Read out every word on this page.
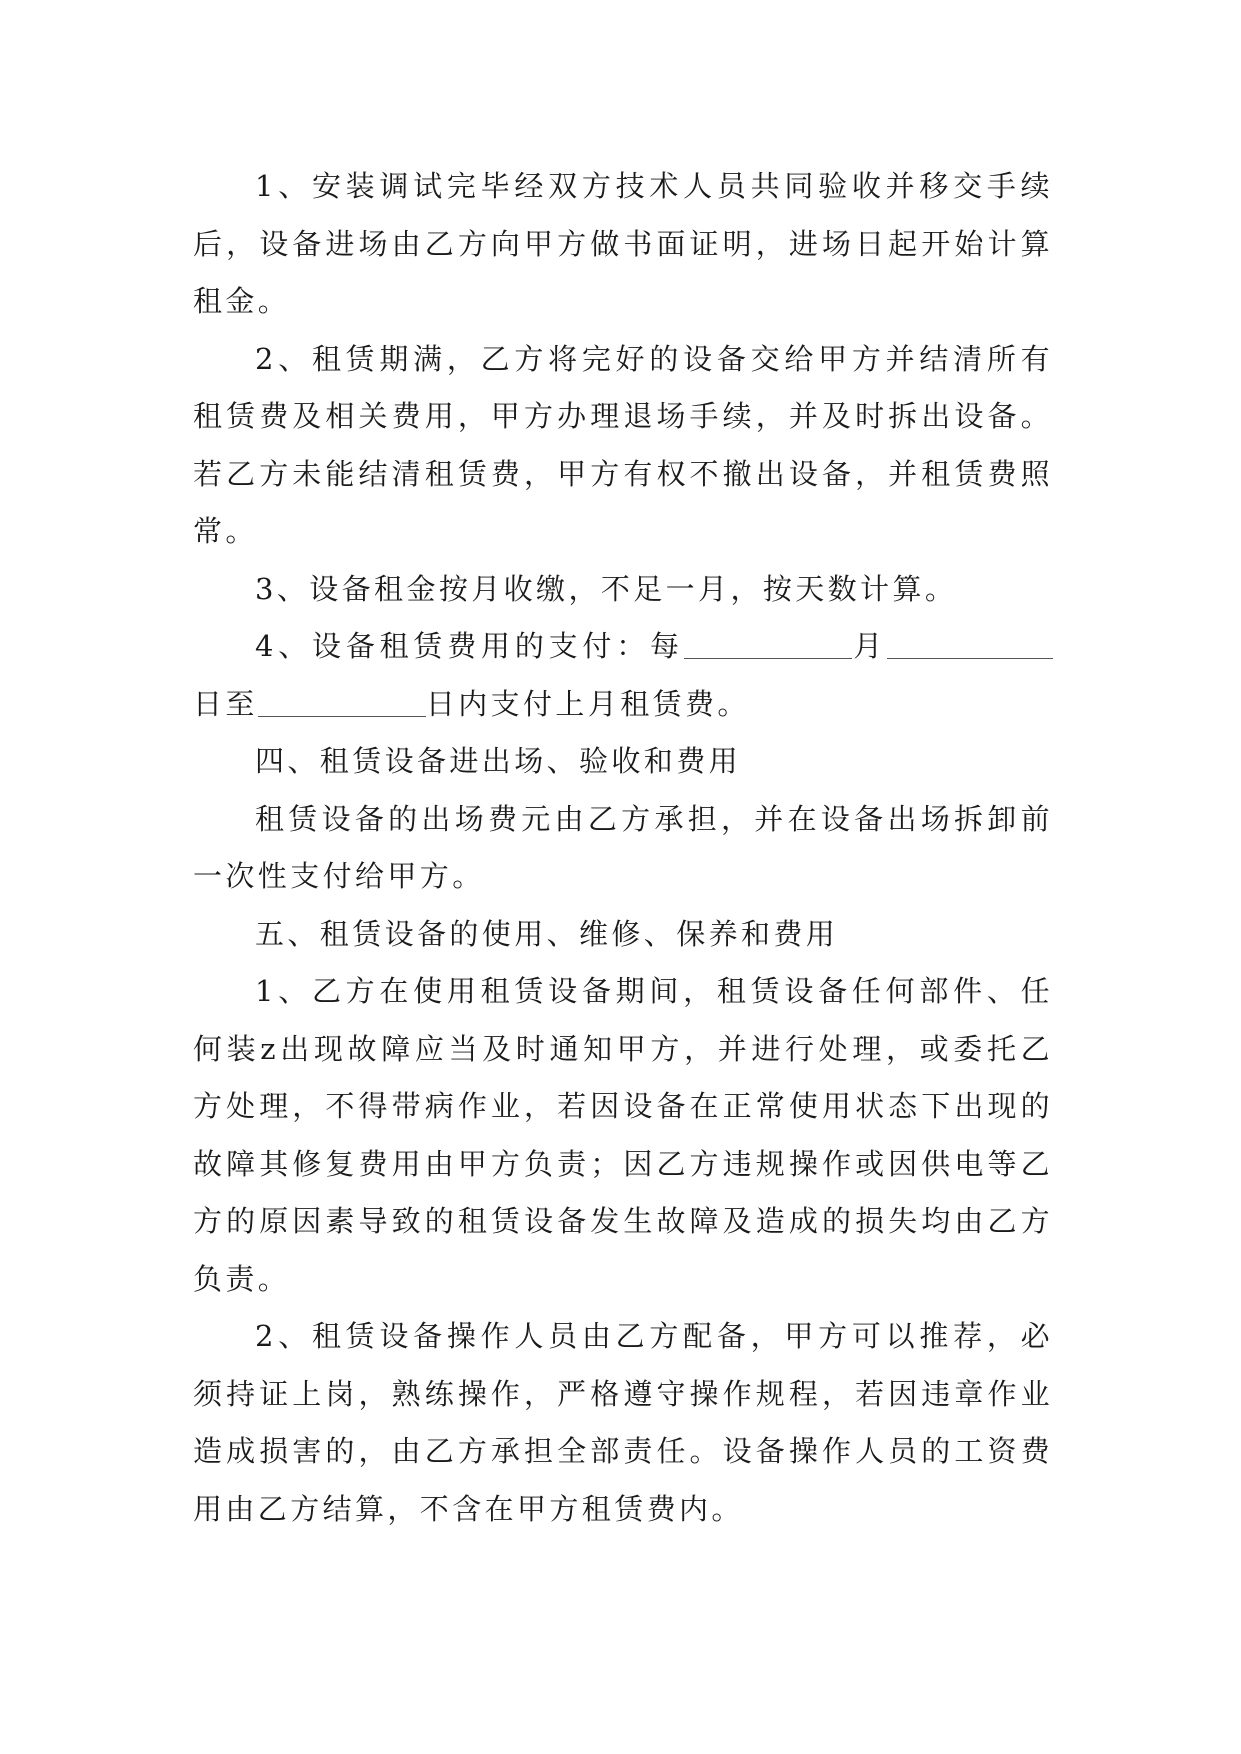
1、安装调试完毕经双方技术人员共同验收并移交手续后，设备进场由乙方向甲方做书面证明，进场日起开始计算租金。

2、租赁期满，乙方将完好的设备交给甲方并结清所有租赁费及相关费用，甲方办理退场手续，并及时拆出设备。若乙方未能结清租赁费，甲方有权不撤出设备，并租赁费照常。

3、设备租金按月收缴，不足一月，按天数计算。

4、设备租赁费用的支付：每	月日至	日内支付上月租赁费。

四、租赁设备进出场、验收和费用

租赁设备的出场费元由乙方承担，并在设备出场拆卸前一次性支付给甲方。

五、租赁设备的使用、维修、保养和费用

1、乙方在使用租赁设备期间，租赁设备任何部件、任何装z出现故障应当及时通知甲方，并进行处理，或委托乙方处理，不得带病作业，若因设备在正常使用状态下出现的故障其修复费用由甲方负责；因乙方违规操作或因供电等乙方的原因素导致的租赁设备发生故障及造成的损失均由乙方负责。

2、租赁设备操作人员由乙方配备，甲方可以推荐，必须持证上岗，熟练操作，严格遵守操作规程，若因违章作业造成损害的，由乙方承担全部责任。设备操作人员的工资费用由乙方结算，不含在甲方租赁费内。
